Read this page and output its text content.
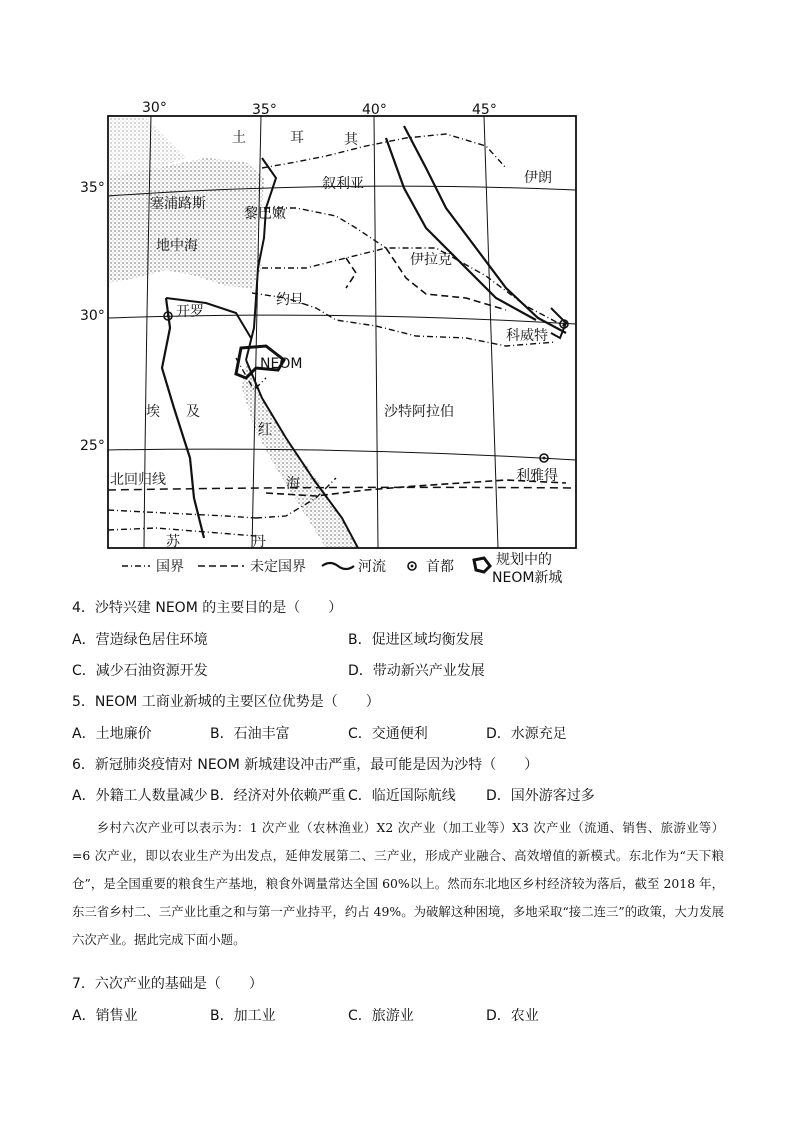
30°	35°	40°	45°
35°
30°
25°
土	耳	其
叙利亚	伊朗
塞浦路斯
黎巴嫩
地中海
伊拉克
约旦
开罗
科威特
NEOM
埃 及
红
海
沙特阿拉伯
利雅得
北回归线
苏	丹
国界	未定国界	河流	首都	规划中的
NEOM新城
4．沙特兴建 NEOM 的主要目的是（　　）
A．营造绿色居住环境	B．促进区域均衡发展
C．减少石油资源开发	D．带动新兴产业发展
5．NEOM 工商业新城的主要区位优势是（　　）
A．土地廉价	B．石油丰富	C．交通便利	D．水源充足
6．新冠肺炎疫情对 NEOM 新城建设冲击严重，最可能是因为沙特（　　）
A．外籍工人数量减少 B．经济对外依赖严重 C．临近国际航线 D．国外游客过多

乡村六次产业可以表示为：1 次产业（农林渔业）X2 次产业（加工业等）X3 次产业（流通、销售、旅游业等）=6 次产业，即以农业生产为出发点，延伸发展第二、三产业，形成产业融合、高效增值的新模式。东北作为“天下粮仓”，是全国重要的粮食生产基地，粮食外调量常达全国 60%以上。然而东北地区乡村经济较为落后，截至 2018 年，东三省乡村二、三产业比重之和与第一产业持平，约占 49%。为破解这种困境，多地采取“接二连三”的政策，大力发展六次产业。据此完成下面小题。

7．六次产业的基础是（　　）
A．销售业	B．加工业	C．旅游业	D．农业
